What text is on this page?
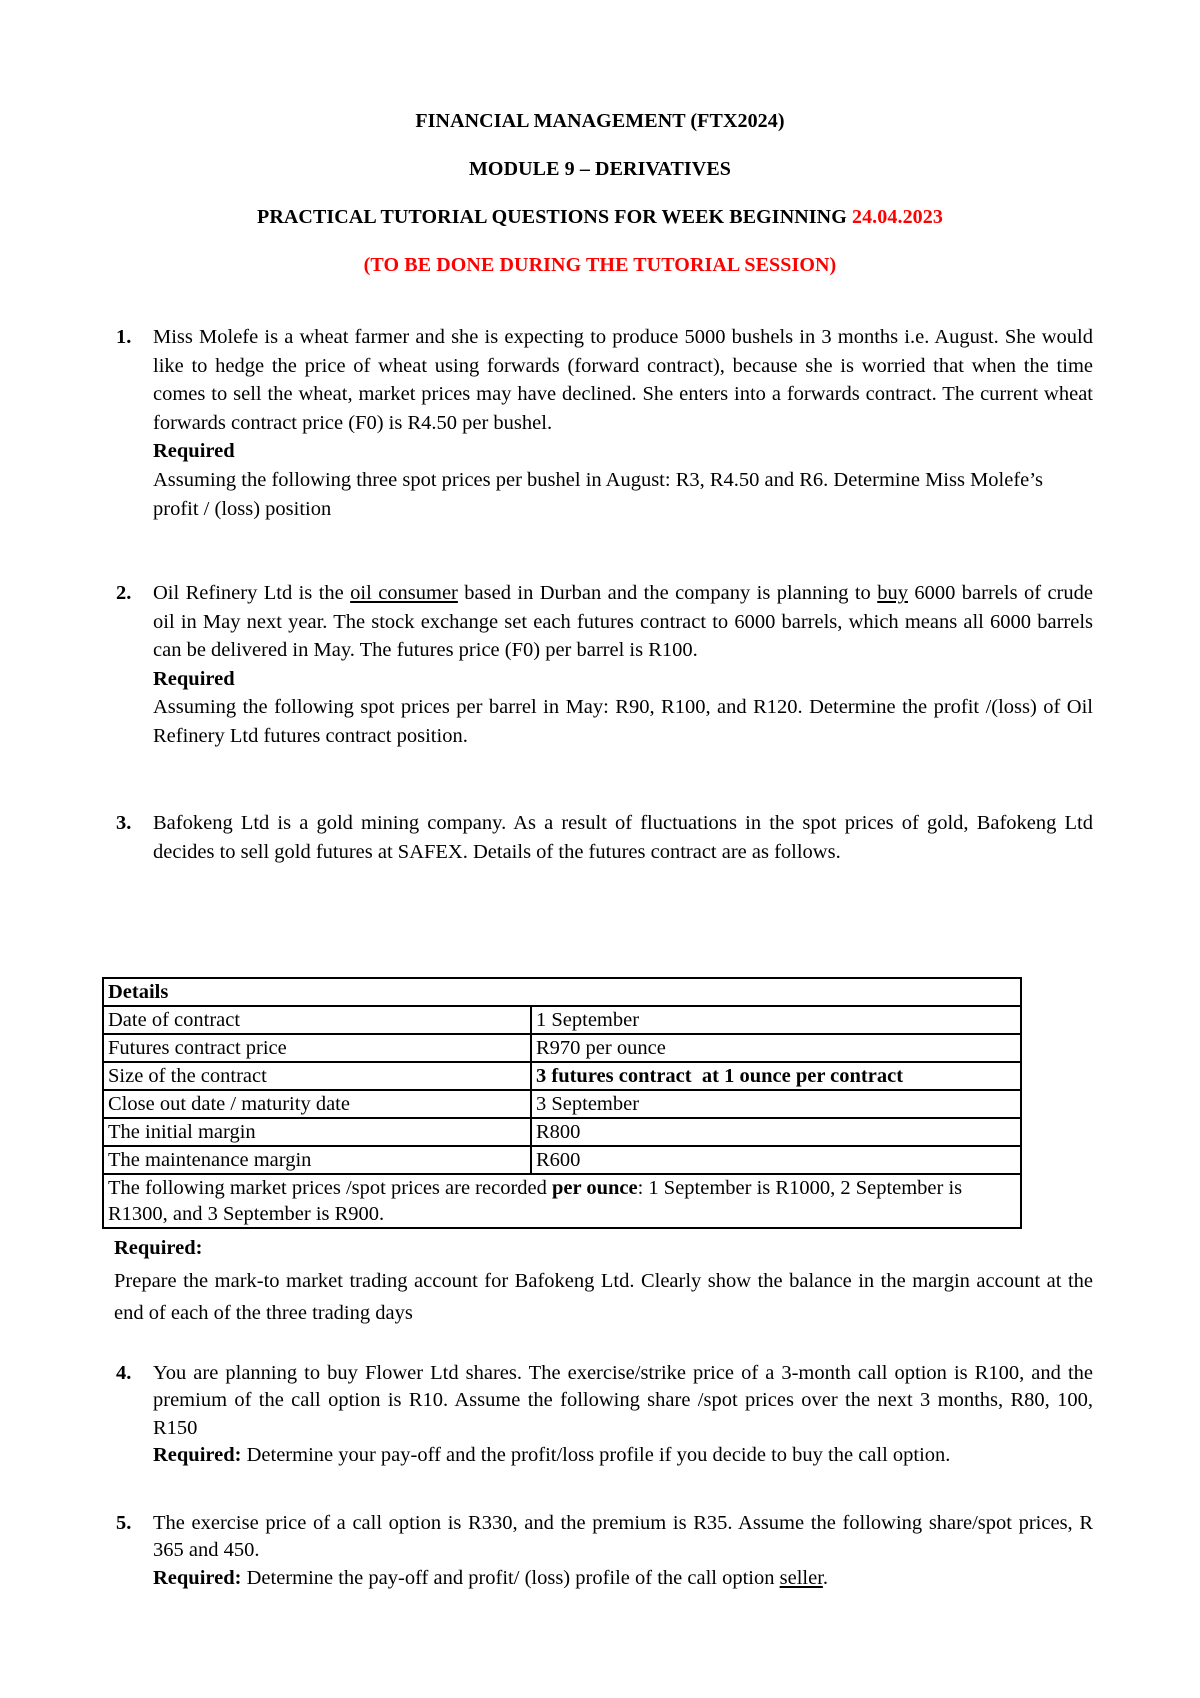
FINANCIAL MANAGEMENT (FTX2024)
MODULE 9 – DERIVATIVES
PRACTICAL TUTORIAL QUESTIONS FOR WEEK BEGINNING 24.04.2023
(TO BE DONE DURING THE TUTORIAL SESSION)
1. Miss Molefe is a wheat farmer and she is expecting to produce 5000 bushels in 3 months i.e. August. She would like to hedge the price of wheat using forwards (forward contract), because she is worried that when the time comes to sell the wheat, market prices may have declined. She enters into a forwards contract. The current wheat forwards contract price (F0) is R4.50 per bushel.

Required

Assuming the following three spot prices per bushel in August: R3, R4.50 and R6. Determine Miss Molefe’s profit / (loss) position

2. Oil Refinery Ltd is the oil consumer based in Durban and the company is planning to buy 6000 barrels of crude oil in May next year. The stock exchange set each futures contract to 6000 barrels, which means all 6000 barrels can be delivered in May. The futures price (F0) per barrel is R100.

Required

Assuming the following spot prices per barrel in May: R90, R100, and R120. Determine the profit /(loss) of Oil Refinery Ltd futures contract position.

3. Bafokeng Ltd is a gold mining company. As a result of fluctuations in the spot prices of gold, Bafokeng Ltd decides to sell gold futures at SAFEX. Details of the futures contract are as follows.

Details	
Date of contract	1 September
Futures contract price	R970 per ounce
Size of the contract	3 futures contract  at 1 ounce per contract
Close out date / maturity date	3 September
The initial margin	R800
The maintenance margin	R600
The following market prices /spot prices are recorded per ounce: 1 September is R1000, 2 September is R1300, and 3 September is R900.	

Required:

Prepare the mark-to market trading account for Bafokeng Ltd. Clearly show the balance in the margin account at the end of each of the three trading days

4. You are planning to buy Flower Ltd shares. The exercise/strike price of a 3-month call option is R100, and the premium of the call option is R10. Assume the following share /spot prices over the next 3 months, R80, 100, R150

Required: Determine your pay-off and the profit/loss profile if you decide to buy the call option.

5. The exercise price of a call option is R330, and the premium is R35. Assume the following share/spot prices, R 365 and 450.

Required: Determine the pay-off and profit/ (loss) profile of the call option seller.
